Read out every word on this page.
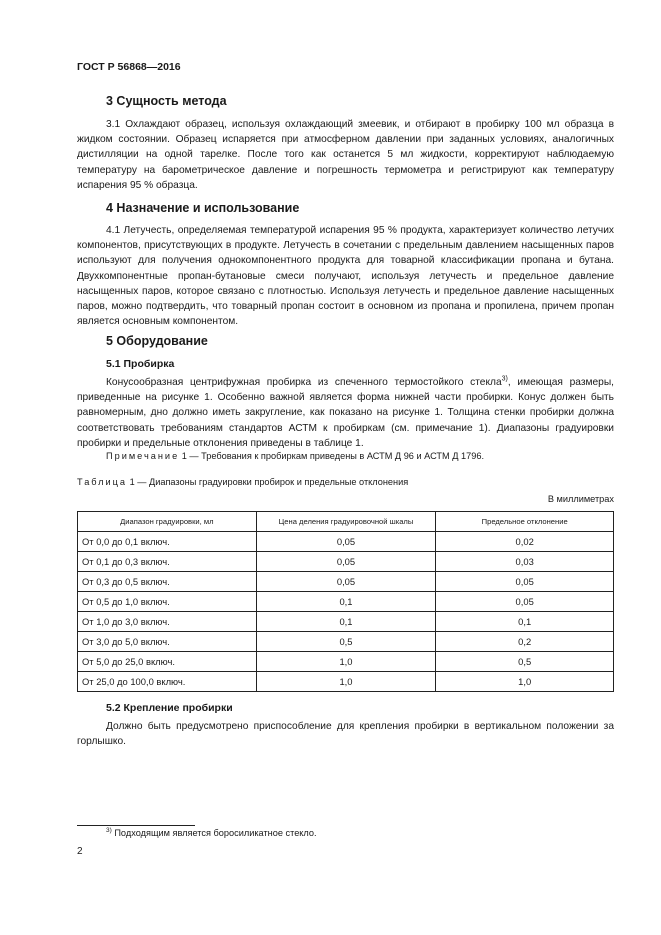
ГОСТ Р 56868—2016
3 Сущность метода

3.1 Охлаждают образец, используя охлаждающий змеевик, и отбирают в пробирку 100 мл образца в жидком состоянии. Образец испаряется при атмосферном давлении при заданных условиях, аналогичных дистилляции на одной тарелке. После того как останется 5 мл жидкости, корректируют наблюдаемую температуру на барометрическое давление и погрешность термометра и регистрируют как температуру испарения 95 % образца.

4 Назначение и использование

4.1 Летучесть, определяемая температурой испарения 95 % продукта, характеризует количество летучих компонентов, присутствующих в продукте. Летучесть в сочетании с предельным давлением насыщенных паров используют для получения однокомпонентного продукта для товарной классификации пропана и бутана. Двухкомпонентные пропан-бутановые смеси получают, используя летучесть и предельное давление насыщенных паров, которое связано с плотностью. Используя летучесть и предельное давление насыщенных паров, можно подтвердить, что товарный пропан состоит в основном из пропана и пропилена, причем пропан является основным компонентом.

5 Оборудование
5.1 Пробирка

Конусообразная центрифужная пробирка из спеченного термостойкого стекла$^{3)}$, имеющая размеры, приведенные на рисунке 1. Особенно важной является форма нижней части пробирки. Конус должен быть равномерным, дно должно иметь закругление, как показано на рисунке 1. Толщина стенки пробирки должна соответствовать требованиям стандартов АСТМ к пробиркам (см. примечание 1). Диапазоны градуировки пробирки и предельные отклонения приведены в таблице 1.

Примечание 1 — Требования к пробиркам приведены в АСТМ Д 96 и АСТМ Д 1796.
Таблица 1 — Диапазоны градуировки пробирок и предельные отклонения
В миллиметрах
Диапазон градуировки, мл	Цена деления градуировочной шкалы	Предельное отклонение
От 0,0 до 0,1 включ.	0,05	0,02
От 0,1 до 0,3 включ.	0,05	0,03
От 0,3 до 0,5 включ.	0,05	0,05
От 0,5 до 1,0 включ.	0,1	0,05
От 1,0 до 3,0 включ.	0,1	0,1
От 3,0 до 5,0 включ.	0,5	0,2
От 5,0 до 25,0 включ.	1,0	0,5
От 25,0 до 100,0 включ.	1,0	1,0
5.2 Крепление пробирки

Должно быть предусмотрено приспособление для крепления пробирки в вертикальном положении за горлышко.

$^{3)}$ Подходящим является боросиликатное стекло.
2
